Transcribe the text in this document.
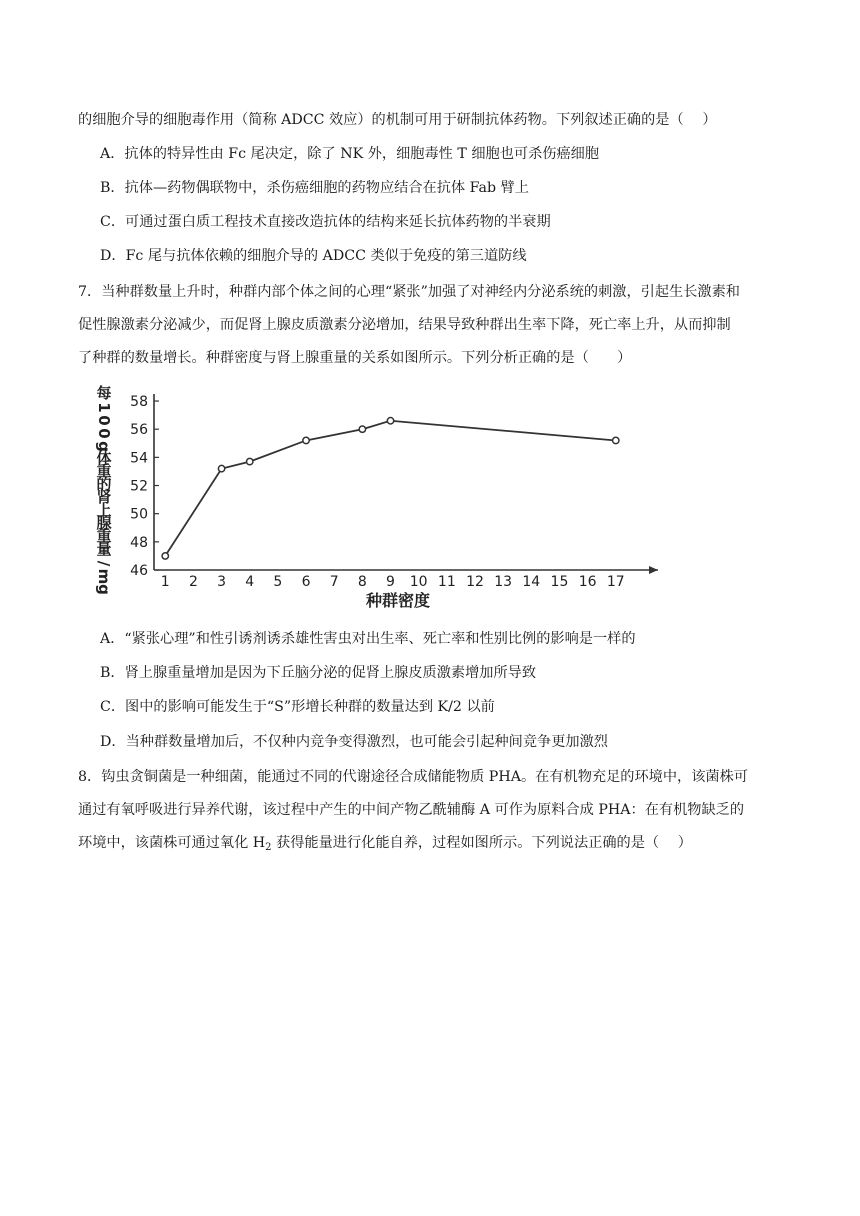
的细胞介导的细胞毒作用（简称 ADCC 效应）的机制可用于研制抗体药物。下列叙述正确的是（　 ）
A．抗体的特异性由 Fc 尾决定，除了 NK 外，细胞毒性 T 细胞也可杀伤癌细胞
B．抗体—药物偶联物中，杀伤癌细胞的药物应结合在抗体 Fab 臂上
C．可通过蛋白质工程技术直接改造抗体的结构来延长抗体药物的半衰期
D．Fc 尾与抗体依赖的细胞介导的 ADCC 类似于免疫的第三道防线
7．当种群数量上升时，种群内部个体之间的心理“紧张”加强了对神经内分泌系统的刺激，引起生长激素和
促性腺激素分泌减少，而促肾上腺皮质激素分泌增加，结果导致种群出生率下降，死亡率上升，从而抑制
了种群的数量增长。种群密度与肾上腺重量的关系如图所示。下列分析正确的是（　　）
每
1
0
0
g
体
重
的
肾
上
腺
重
量
/
m
g
46
48
50
52
54
56
58
1 2 3 4 5 6 7 8 9 10 11 12 13 14 15 16 17
种群密度
A．“紧张心理”和性引诱剂诱杀雄性害虫对出生率、死亡率和性别比例的影响是一样的
B．肾上腺重量增加是因为下丘脑分泌的促肾上腺皮质激素增加所导致
C．图中的影响可能发生于“S”形增长种群的数量达到 K/2 以前
D．当种群数量增加后，不仅种内竞争变得激烈，也可能会引起种间竞争更加激烈
8．钩虫贪铜菌是一种细菌，能通过不同的代谢途径合成储能物质 PHA。在有机物充足的环境中，该菌株可
通过有氧呼吸进行异养代谢，该过程中产生的中间产物乙酰辅酶 A 可作为原料合成 PHA：在有机物缺乏的
环境中，该菌株可通过氧化 $H_2$ 获得能量进行化能自养，过程如图所示。下列说法正确的是（　 ）
